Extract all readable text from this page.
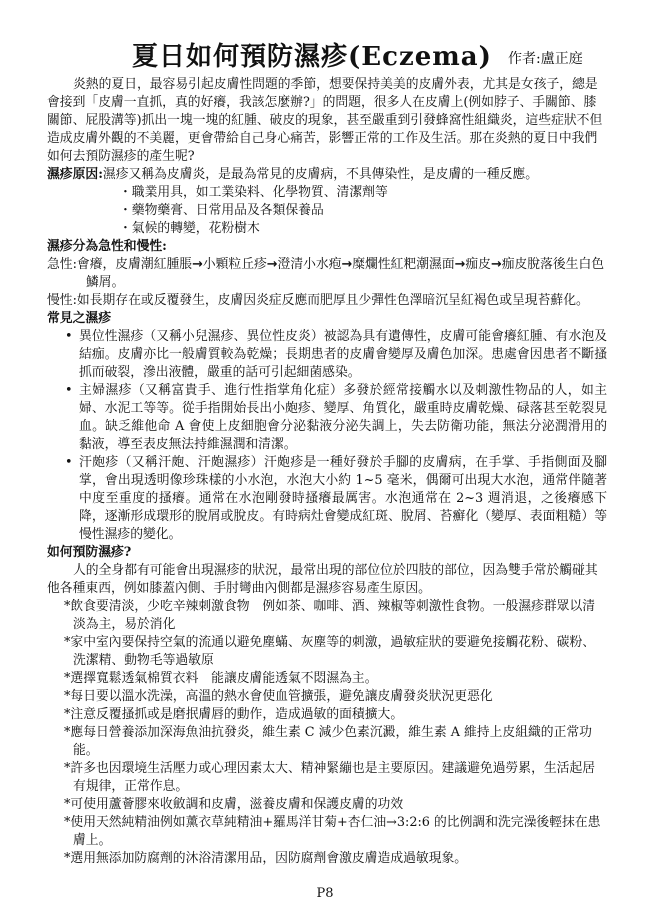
夏日如何預防濕疹(Eczema) 作者:盧正庭

炎熱的夏日，最容易引起皮膚性問題的季節，想要保持美美的皮膚外表，尤其是女孩子，總是會接到「皮膚一直抓，真的好癢，我該怎麼辦?」的問題，很多人在皮膚上(例如脖子、手關節、膝關節、屁股溝等)抓出一塊一塊的紅腫、破皮的現象，甚至嚴重到引發蜂窩性組織炎，這些症狀不但造成皮膚外觀的不美麗，更會帶給自己身心痛苦，影響正常的工作及生活。那在炎熱的夏日中我們如何去預防濕疹的產生呢?

濕疹原因:濕疹又稱為皮膚炎，是最為常見的皮膚病，不具傳染性，是皮膚的一種反應。

・職業用具，如工業染料、化學物質、清潔劑等

・藥物藥膏、日常用品及各類保養品

・氣候的轉變，花粉樹木

濕疹分為急性和慢性:

急性:會癢，皮膚潮紅腫脹→小顆粒丘疹→澄清小水疱→糜爛性紅粑潮濕面→痂皮→痂皮脫落後生白色鱗屑。

慢性:如長期存在或反覆發生，皮膚因炎症反應而肥厚且少彈性色澤暗沉呈紅褐色或呈現苔蘚化。

常見之濕疹

• 異位性濕疹（又稱小兒濕疹、異位性皮炎）被認為具有遺傳性，皮膚可能會癢紅腫、有水泡及結痂。皮膚亦比一般膚質較為乾燥；長期患者的皮膚會變厚及膚色加深。患處會因患者不斷搔抓而破裂，滲出液體，嚴重的話可引起細菌感染。

• 主婦濕疹（又稱富貴手、進行性指掌角化症）多發於經常接觸水以及刺激性物品的人，如主婦、水泥工等等。從手指開始長出小皰疹、變厚、角質化，嚴重時皮膚乾燥、碌落甚至乾裂見血。缺乏維他命 A 會使上皮細胞會分泌黏液分泌失調上，失去防衛功能，無法分泌潤滑用的黏液，導至表皮無法持維濕潤和清潔。

• 汗皰疹（又稱汗皰、汗皰濕疹）汗皰疹是一種好發於手腳的皮膚病，在手掌、手指側面及腳掌，會出現透明像珍珠樣的小水泡，水泡大小約 1~5 毫米，偶爾可出現大水泡，通常伴隨著中度至重度的搔癢。通常在水泡剛發時搔癢最厲害。水泡通常在 2~3 週消退，之後癢感下降，逐漸形成環形的脫屑或脫皮。有時病灶會變成紅斑、脫屑、苔癬化（變厚、表面粗糙）等慢性濕疹的變化。

如何預防濕疹?

人的全身都有可能會出現濕疹的狀況，最常出現的部位位於四肢的部位，因為雙手常於觸碰其他各種東西，例如膝蓋內側、手肘彎曲內側都是濕疹容易產生原因。

*飲食要清淡，少吃辛辣刺激食物　例如茶、咖啡、酒、辣椒等刺激性食物。一般濕疹群眾以清淡為主，易於消化

*家中室內要保持空氣的流通以避免塵蟎、灰塵等的刺激，過敏症狀的要避免接觸花粉、碳粉、洗潔精、動物毛等過敏原

*選擇寬鬆透氣棉質衣料　能讓皮膚能透氣不悶濕為主。

*每日要以溫水洗澡，高溫的熱水會使血管擴張，避免讓皮膚發炎狀況更惡化

*注意反覆搔抓或是磨抿膚唇的動作，造成過敏的面積擴大。

*應每日營養添加深海魚油抗發炎，維生素 C 減少色素沉澱，維生素 A 維持上皮組織的正常功能。

*許多也因環境生活壓力或心理因素太大、精神緊繃也是主要原因。建議避免過勞累，生活起居有規律，正常作息。

*可使用蘆薈膠來收斂調和皮膚，滋養皮膚和保護皮膚的功效

*使用天然純精油例如薰衣草純精油+羅馬洋甘菊+杏仁油→3:2:6 的比例調和洗完澡後輕抹在患膚上。

*選用無添加防腐劑的沐浴清潔用品，因防腐劑會激皮膚造成過敏現象。

P8
